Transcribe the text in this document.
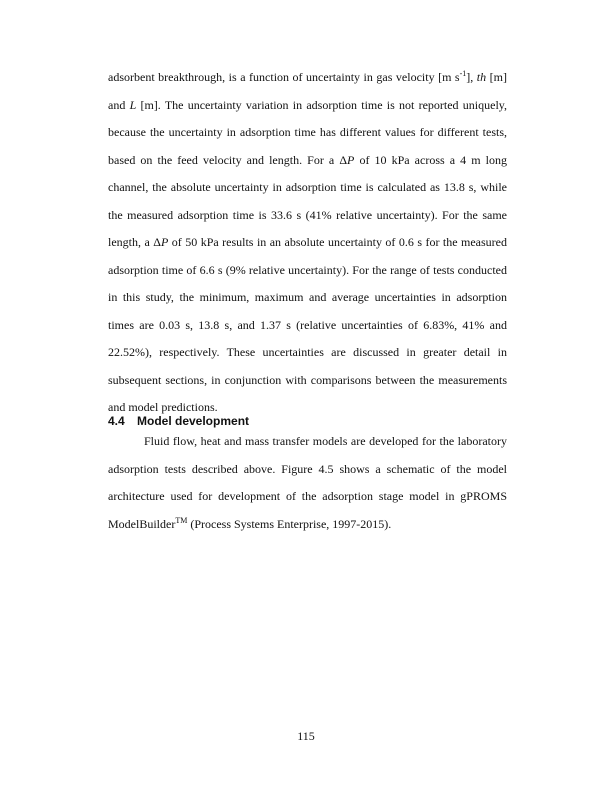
adsorbent breakthrough, is a function of uncertainty in gas velocity [m $s^{-1}$], th [m] and L [m]. The uncertainty variation in adsorption time is not reported uniquely, because the uncertainty in adsorption time has different values for different tests, based on the feed velocity and length. For a ΔP of 10 kPa across a 4 m long channel, the absolute uncertainty in adsorption time is calculated as 13.8 s, while the measured adsorption time is 33.6 s (41% relative uncertainty). For the same length, a ΔP of 50 kPa results in an absolute uncertainty of 0.6 s for the measured adsorption time of 6.6 s (9% relative uncertainty). For the range of tests conducted in this study, the minimum, maximum and average uncertainties in adsorption times are 0.03 s, 13.8 s, and 1.37 s (relative uncertainties of 6.83%, 41% and 22.52%), respectively. These uncertainties are discussed in greater detail in subsequent sections, in conjunction with comparisons between the measurements and model predictions.

4.4 Model development

Fluid flow, heat and mass transfer models are developed for the laboratory adsorption tests described above. Figure 4.5 shows a schematic of the model architecture used for development of the adsorption stage model in gPROMS ModelBuilder™ (Process Systems Enterprise, 1997-2015).

115
